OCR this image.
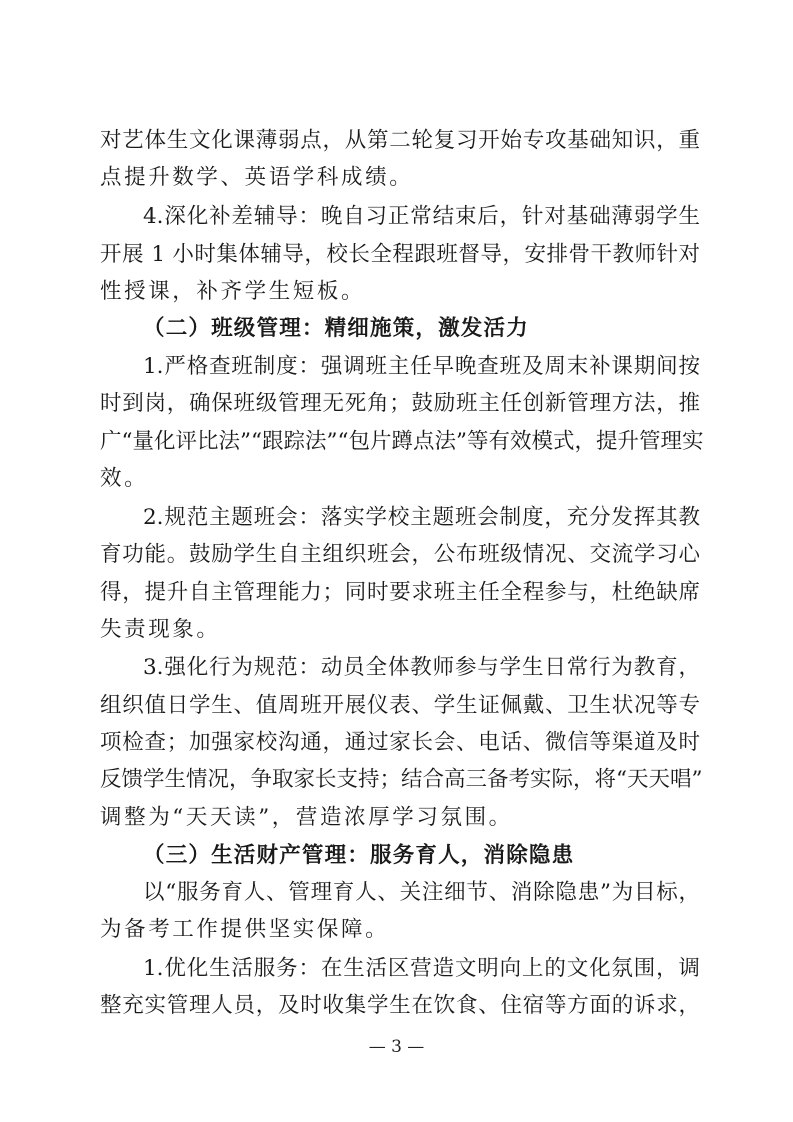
对艺体生文化课薄弱点，从第二轮复习开始专攻基础知识，重
点提升数学、英语学科成绩。
4.深化补差辅导：晚自习正常结束后，针对基础薄弱学生
开展 1 小时集体辅导，校长全程跟班督导，安排骨干教师针对
性授课，补齐学生短板。
（二）班级管理：精细施策，激发活力
1.严格查班制度：强调班主任早晚查班及周末补课期间按
时到岗，确保班级管理无死角；鼓励班主任创新管理方法，推
广“量化评比法”“跟踪法”“包片蹲点法”等有效模式，提升管理实
效。
2.规范主题班会：落实学校主题班会制度，充分发挥其教
育功能。鼓励学生自主组织班会，公布班级情况、交流学习心
得，提升自主管理能力；同时要求班主任全程参与，杜绝缺席
失责现象。
3.强化行为规范：动员全体教师参与学生日常行为教育，
组织值日学生、值周班开展仪表、学生证佩戴、卫生状况等专
项检查；加强家校沟通，通过家长会、电话、微信等渠道及时
反馈学生情况，争取家长支持；结合高三备考实际，将“天天唱”
调整为“天天读”，营造浓厚学习氛围。
（三）生活财产管理：服务育人，消除隐患
以“服务育人、管理育人、关注细节、消除隐患”为目标，
为备考工作提供坚实保障。
1.优化生活服务：在生活区营造文明向上的文化氛围，调
整充实管理人员，及时收集学生在饮食、住宿等方面的诉求，
— 3 —
